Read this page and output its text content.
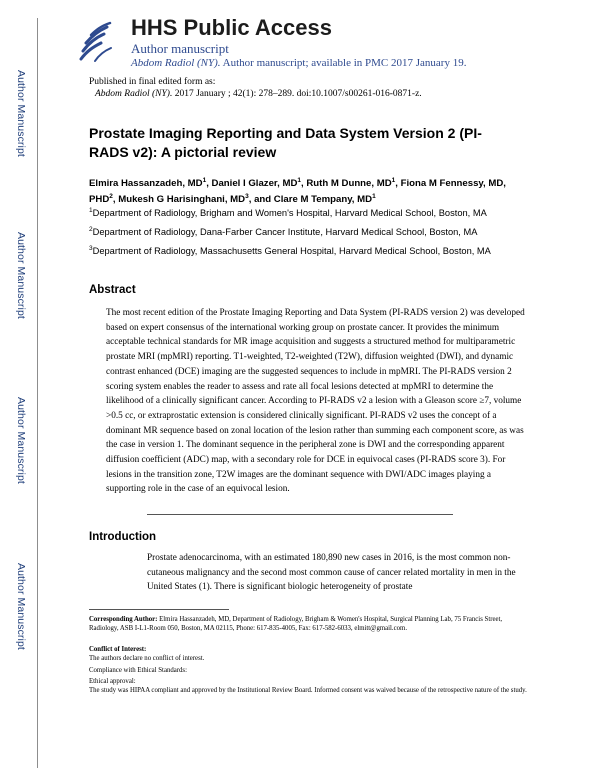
Author Manuscript
Author Manuscript
Author Manuscript
Author Manuscript
HHS Public Access
Author manuscript
Abdom Radiol (NY). Author manuscript; available in PMC 2017 January 19.
Published in final edited form as:
Abdom Radiol (NY). 2017 January ; 42(1): 278–289. doi:10.1007/s00261-016-0871-z.
Prostate Imaging Reporting and Data System Version 2 (PI-RADS v2): A pictorial review
Elmira Hassanzadeh, $MD^1$, Daniel I Glazer, $MD^1$, Ruth M Dunne, $MD^1$, Fiona M Fennessy, MD, PHD$^2$, Mukesh G Harisinghani, $MD^3$, and Clare M Tempany, $MD^1$
$^1$Department of Radiology, Brigham and Women's Hospital, Harvard Medical School, Boston, MA
$^2$Department of Radiology, Dana-Farber Cancer Institute, Harvard Medical School, Boston, MA
$^3$Department of Radiology, Massachusetts General Hospital, Harvard Medical School, Boston, MA
Abstract

The most recent edition of the Prostate Imaging Reporting and Data System (PI-RADS version 2) was developed based on expert consensus of the international working group on prostate cancer. It provides the minimum acceptable technical standards for MR image acquisition and suggests a structured method for multiparametric prostate MRI (mpMRI) reporting. T1-weighted, T2-weighted (T2W), diffusion weighted (DWI), and dynamic contrast enhanced (DCE) imaging are the suggested sequences to include in mpMRI. The PI-RADS version 2 scoring system enables the reader to assess and rate all focal lesions detected at mpMRI to determine the likelihood of a clinically significant cancer. According to PI-RADS v2 a lesion with a Gleason score ≥7, volume >0.5 cc, or extraprostatic extension is considered clinically significant. PI-RADS v2 uses the concept of a dominant MR sequence based on zonal location of the lesion rather than summing each component score, as was the case in version 1. The dominant sequence in the peripheral zone is DWI and the corresponding apparent diffusion coefficient (ADC) map, with a secondary role for DCE in equivocal cases (PI-RADS score 3). For lesions in the transition zone, T2W images are the dominant sequence with DWI/ADC images playing a supporting role in the case of an equivocal lesion.

Introduction

Prostate adenocarcinoma, with an estimated 180,890 new cases in 2016, is the most common non-cutaneous malignancy and the second most common cause of cancer related mortality in men in the United States (1). There is significant biologic heterogeneity of prostate

Corresponding Author: Elmira Hassanzadeh, MD, Department of Radiology, Brigham & Women's Hospital, Surgical Planning Lab, 75 Francis Street, Radiology, ASB I-L1-Room 050, Boston, MA 02115, Phone: 617-835-4005, Fax: 617-582-6033, elmitt@gmail.com.

Conflict of Interest:

The authors declare no conflict of interest.

Compliance with Ethical Standards:

Ethical approval:

The study was HIPAA compliant and approved by the Institutional Review Board. Informed consent was waived because of the retrospective nature of the study.
